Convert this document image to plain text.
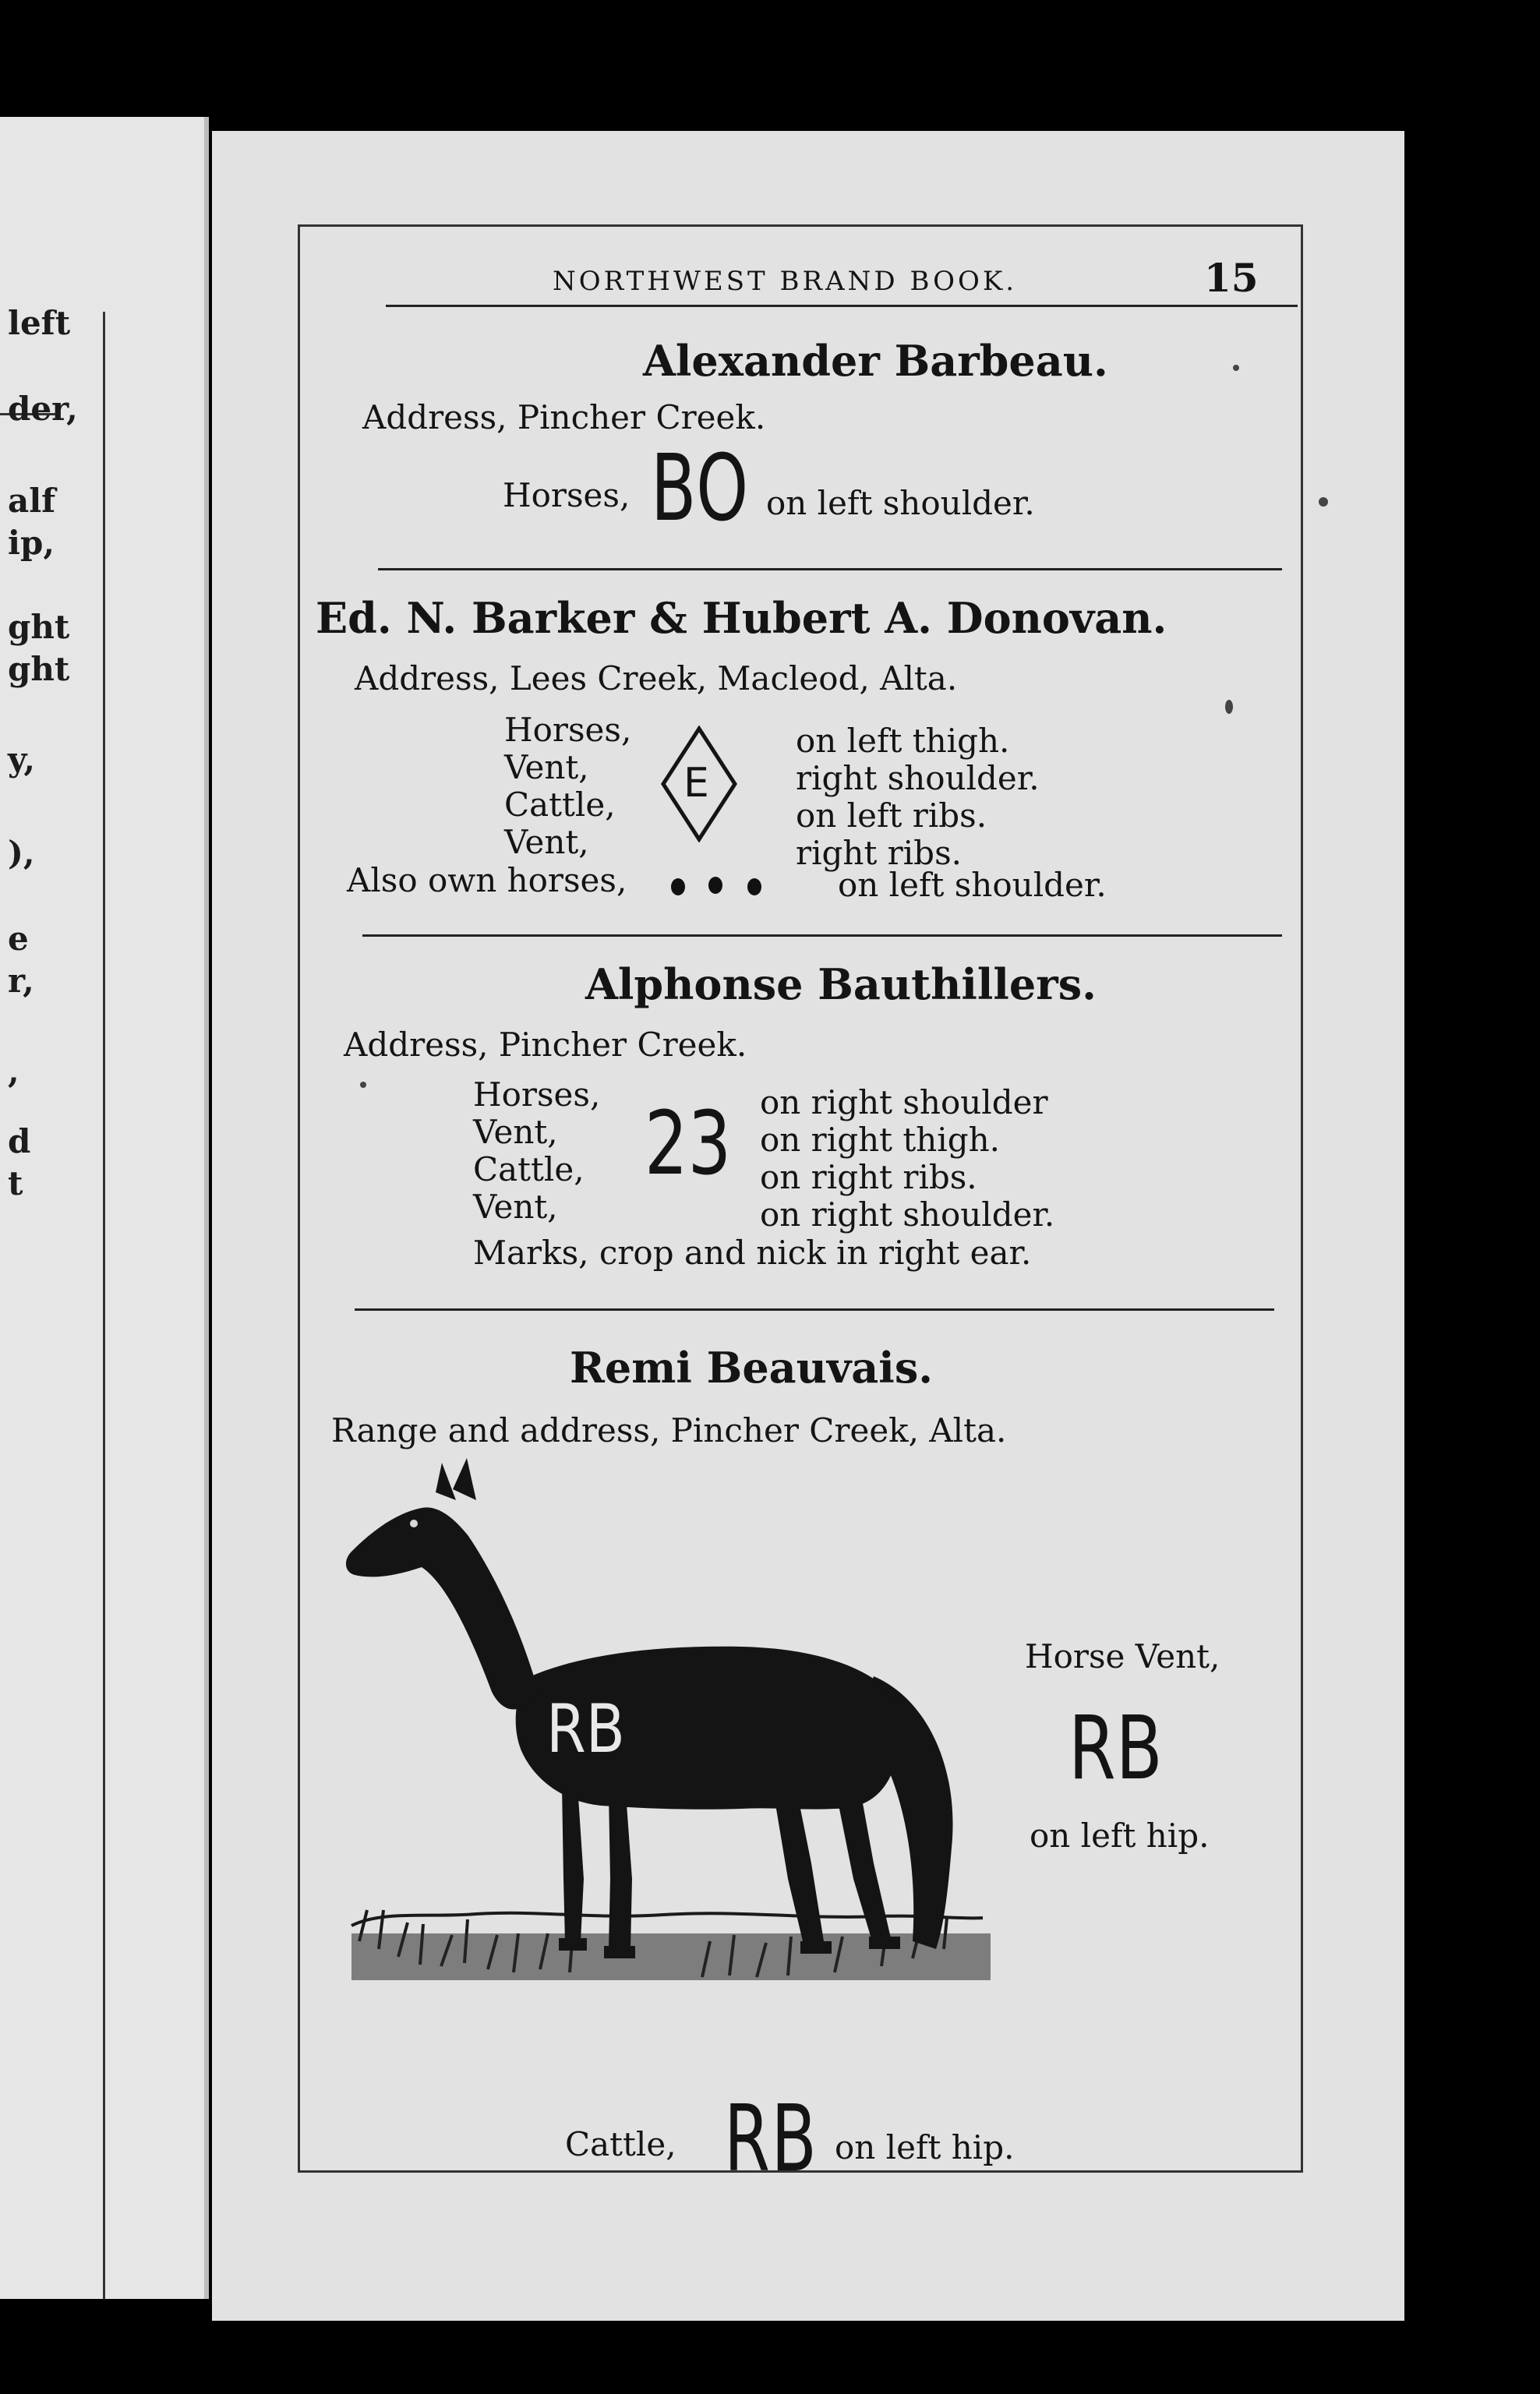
left
der,
alf
ip,
ght
ght
y,
),
e
r,
,
d
t
NORTHWEST BRAND BOOK.	15
Alexander Barbeau.
Address, Pincher Creek.
Horses, BO on left shoulder.
Ed. N. Barker & Hubert A. Donovan.
Address, Lees Creek, Macleod, Alta.
Horses,
Vent,
Cattle,
Vent,
E
on left thigh.
right shoulder.
on left ribs.
right ribs.
Also own horses,	on left shoulder.
Alphonse Bauthillers.
Address, Pincher Creek.
Horses,
Vent,
Cattle,
Vent,
23 on right shoulder
on right thigh.
on right ribs.
on right shoulder.
Marks, crop and nick in right ear.
Remi Beauvais.
Range and address, Pincher Creek, Alta.
RB
Horse Vent,
RB
on left hip.
Cattle, RB on left hip.
